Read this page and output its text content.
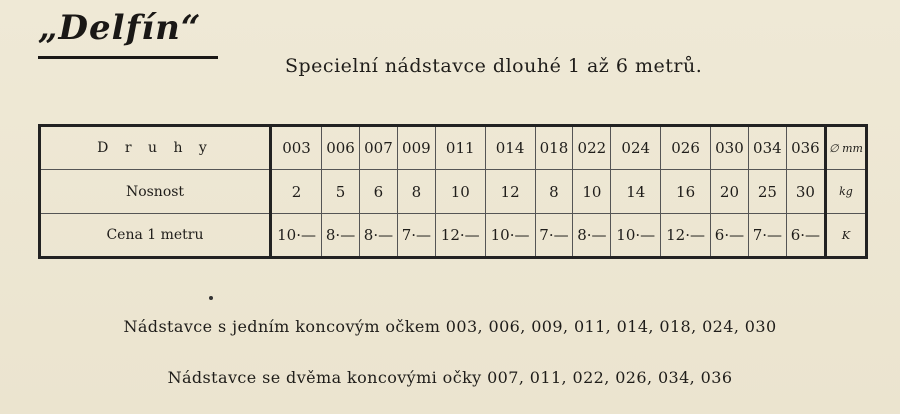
„Delfín“
Specielní nádstavce dlouhé 1 až 6 metrů.
D r u h y	003	006	007	009	011	014	018	022	024	026	030	034	036	∅ mm
Nosnost	2	5	6	8	10	12	8	10	14	16	20	25	30	kg
Cena 1 metru	10·—	8·—	8·—	7·—	12·—	10·—	7·—	8·—	10·—	12·—	6·—	7·—	6·—	K
Nádstavce s jedním koncovým očkem 003, 006, 009, 011, 014, 018, 024, 030
Nádstavce se dvěma koncovými očky 007, 011, 022, 026, 034, 036
